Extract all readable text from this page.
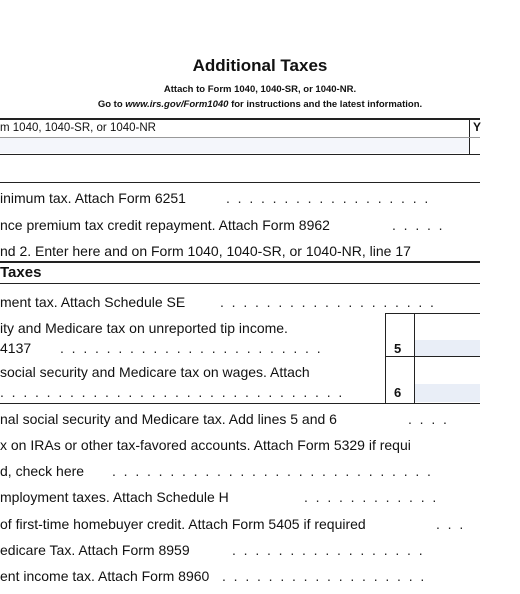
Additional Taxes
Attach to Form 1040, 1040-SR, or 1040-NR.
Go to www.irs.gov/Form1040 for instructions and the latest information.
m 1040, 1040-SR, or 1040-NR	Y
inimum tax. Attach Form 6251	.  .  .  .  .  .  .  .  .  .  .  .  .  .  .  .  .  .
nce premium tax credit repayment. Attach Form 8962	.  .  .  .  .
nd 2. Enter here and on Form 1040, 1040-SR, or 1040-NR, line 17
Taxes
ment tax. Attach Schedule SE .  .  .  .  .  .  .  .  .  .  .  .  .  .  .  .  .  .  .
ity and Medicare tax on unreported tip income.
4137 .  .  .  .  .  .  .  .  .  .  .  .  .  .  .  .  .  .  .  .  .  .  .	5
social security and Medicare tax on wages. Attach
.  .  .  .  .  .  .  .  .  .  .  .  .  .  .  .  .  .  .  .  .  .  .  .  .  .  .  .  .  .	6
nal social security and Medicare tax. Add lines 5 and 6	.  .  .  .
x on IRAs or other tax-favored accounts. Attach Form 5329 if requi
d, check here .  .  .  .  .  .  .  .  .  .  .  .  .  .  .  .  .  .  .  .  .  .  .  .  .  .  .  .
mployment taxes. Attach Schedule H	.  .  .  .  .  .  .  .  .  .  .  .
of first-time homebuyer credit. Attach Form 5405 if required	.  .  .
edicare Tax. Attach Form 8959	.  .  .  .  .  .  .  .  .  .  .  .  .  .  .  .  .
ent income tax. Attach Form 8960 .  .  .  .  .  .  .  .  .  .  .  .  .  .  .  .  .  .
